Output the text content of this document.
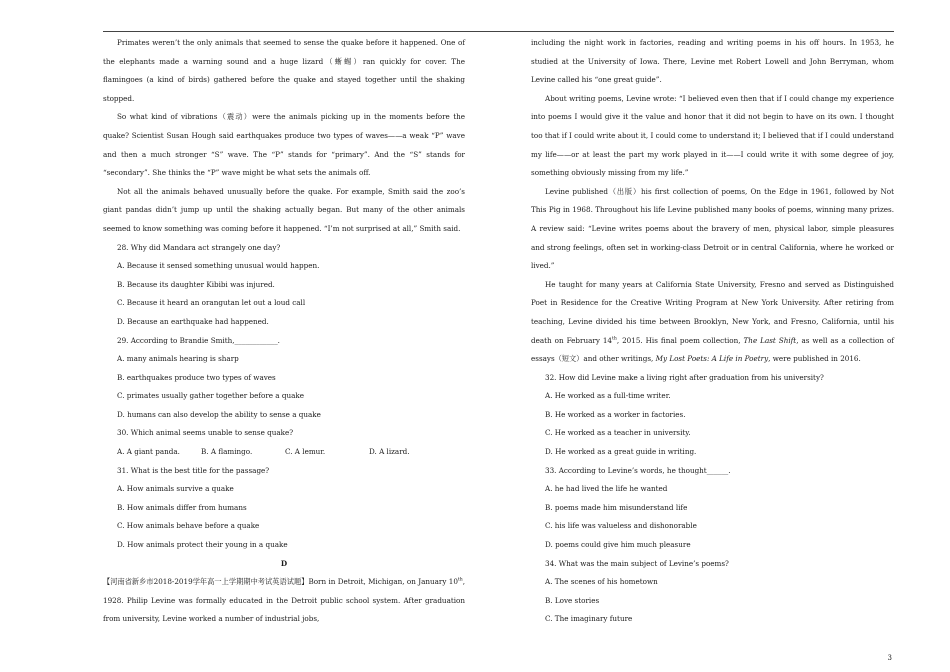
Primates weren’t the only animals that seemed to sense the quake before it happened. One of the elephants made a warning sound and a huge lizard（蜥蜴）ran quickly for cover. The flamingoes (a kind of birds) gathered before the quake and stayed together until the shaking stopped.

So what kind of vibrations（震动）were the animals picking up in the moments before the quake? Scientist Susan Hough said earthquakes produce two types of waves——a weak “P” wave and then a much stronger “S” wave. The “P” stands for “primary”. And the “S” stands for “secondary”. She thinks the “P” wave might be what sets the animals off.

Not all the animals behaved unusually before the quake. For example, Smith said the zoo’s giant pandas didn’t jump up until the shaking actually began. But many of the other animals seemed to know something was coming before it happened. “I’m not surprised at all,” Smith said.

28. Why did Mandara act strangely one day?

A. Because it sensed something unusual would happen.

B. Because its daughter Kibibi was injured.

C. Because it heard an orangutan let out a loud call

D. Because an earthquake had happened.

29. According to Brandie Smith,____________.

A. many animals hearing is sharp

B. earthquakes produce two types of waves

C. primates usually gather together before a quake

D. humans can also develop the ability to sense a quake

30. Which animal seems unable to sense quake?

A. A giant panda.	B. A flamingo.	C. A lemur.	D. A lizard.

31. What is the best title for the passage?

A. How animals survive a quake

B. How animals differ from humans

C. How animals behave before a quake

D. How animals protect their young in a quake

D

【河南省新乡市2018-2019学年高一上学期期中考试英语试题】Born in Detroit, Michigan, on January 10th, 1928. Philip Levine was formally educated in the Detroit public school system. After graduation from university, Levine worked a number of industrial jobs,

including the night work in factories, reading and writing poems in his off hours. In 1953, he studied at the University of Iowa. There, Levine met Robert Lowell and John Berryman, whom Levine called his “one great guide”.

About writing poems, Levine wrote: “I believed even then that if I could change my experience into poems I would give it the value and honor that it did not begin to have on its own. I thought too that if I could write about it, I could come to understand it; I believed that if I could understand my life——or at least the part my work played in it——I could write it with some degree of joy, something obviously missing from my life.”

Levine published（出版）his first collection of poems, On the Edge in 1961, followed by Not This Pig in 1968. Throughout his life Levine published many books of poems, winning many prizes. A review said: “Levine writes poems about the bravery of men, physical labor, simple pleasures and strong feelings, often set in working-class Detroit or in central California, where he worked or lived.”

He taught for many years at California State University, Fresno and served as Distinguished Poet in Residence for the Creative Writing Program at New York University. After retiring from teaching, Levine divided his time between Brooklyn, New York, and Fresno, California, until his death on February 14th, 2015. His final poem collection, The Last Shift, as well as a collection of essays（短文）and other writings, My Lost Poets: A Life in Poetry, were published in 2016.

32. How did Levine make a living right after graduation from his university?

A. He worked as a full-time writer.

B. He worked as a worker in factories.

C. He worked as a teacher in university.

D. He worked as a great guide in writing.

33. According to Levine’s words, he thought______.

A. he had lived the life he wanted

B. poems made him misunderstand life

C. his life was valueless and dishonorable

D. poems could give him much pleasure

34. What was the main subject of Levine’s poems?

A. The scenes of his hometown

B. Love stories

C. The imaginary future

3
